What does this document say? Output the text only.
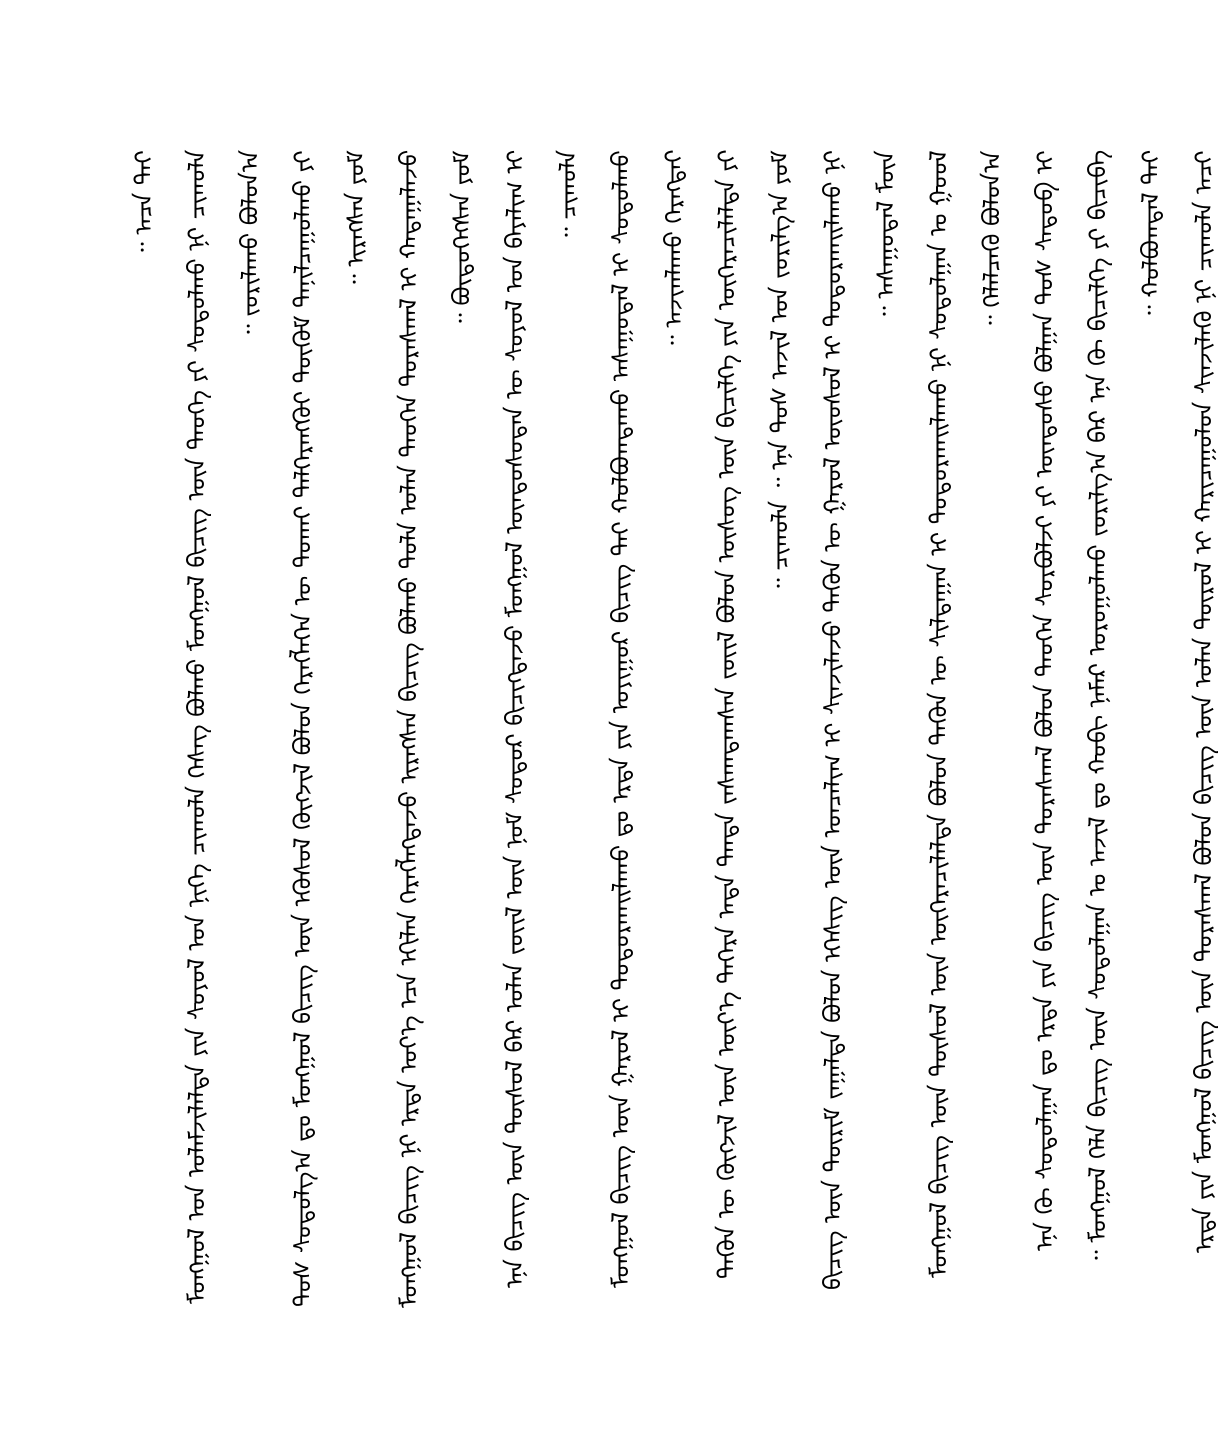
ᠮᠣᠩᠭᠣᠯ ᠤᠨ ᠤᠯᠠᠮᠵᠢᠯᠠᠯᠲᠠ ᠶᠢᠨ ᠰᠣᠶᠤᠯ ᠤᠨ ᠨᠢᠭᠡ ᠴᠢᠬᠤᠯᠠ ᠬᠡᠰᠡᠭ ᠪᠣᠯᠬᠤ ᠮᠣᠩᠭᠣᠯ ᠪᠢᠴᠢᠭ᠌ ᠦᠨ ᠲᠡᠦᠬᠡ ᠶᠢ ᠰᠤᠳᠤᠯᠬᠤ ᠨᠢ ᠴᠢᠬᠤᠯᠠ ᠠᠴᠠ ᠲᠠᠢ ᠃	ᠲᠤᠰ ᠰᠤᠳᠤᠯᠭ᠎ᠠ ᠳᠤ ᠮᠣᠩᠭᠣᠯ ᠪᠢᠴᠢᠭ᠌ ᠦᠨ ᠡᠭᠦᠰᠦᠯ ᠬᠥᠭᠵᠢᠯ ᠪᠣᠯᠤᠨ ᠬᠡᠷᠡᠭᠯᠡᠭᠡᠨ ᠦ ᠲᠤᠬᠠᠢ ᠳᠡᠯᠭᠡᠷᠡᠩᠭᠦᠢ ᠳᠦᠭᠦᠮ ᠲᠠᠨᠢᠯᠴᠠᠭᠤᠯᠬᠤ ᠶᠢ ᠵᠣᠷᠢᠯᠠᠬᠤ ᠪᠣᠯᠤᠨ᠎ᠠ ᠃	ᠮᠣᠩᠭᠣᠯ ᠪᠢᠴᠢᠭ᠌ ᠨᠢ ᠡᠷᠲᠡ ᠡᠦᠶ᠎ᠡ ᠡᠴᠡ ᠡᠬᠢᠯᠡᠨ ᠬᠡᠷᠡᠭᠯᠡᠭᠳᠡᠵᠦ ᠢᠷᠡᠭᠰᠡᠨ ᠪᠢᠴᠢᠭ᠌ ᠪᠣᠯᠬᠤ ᠲᠤᠯᠠ ᠣᠯᠠᠨ ᠲᠡᠦᠬᠡᠨ ᠳᠤᠷᠠᠰᠬᠠᠯ ᠢ ᠬᠠᠳᠠᠭᠠᠯᠠᠵᠤ ᠢᠷᠡᠭᠰᠡᠨ ᠶᠤᠮ ᠃	ᠡᠨᠡ ᠪᠢᠴᠢᠭ᠌ ᠦᠨ ᠲᠦᠰᠦᠯ ᠪᠡᠷ ᠣᠯᠠᠨ ᠵᠦᠢᠯ ᠦᠨ ᠨᠣᠮ ᠰᠤᠳᠤᠷ ᠪᠢᠴᠢᠭᠳᠡᠵᠦ ᠮᠣᠩᠭᠣᠯ ᠦᠨᠳᠦᠰᠦᠲᠡᠨ ᠦ ᠰᠣᠶᠤᠯ ᠤᠨ ᠪᠠᠶᠠᠯᠢᠭ ᠢ ᠪᠦᠲᠦᠭᠡᠭᠰᠡᠨ ᠶᠤᠮ ᠃	ᠮᠣᠩᠭᠣᠯ ᠪᠢᠴᠢᠭ᠌ ᠦᠨ ᠭᠠᠷᠤᠯ ᠢ ᠲᠣᠳᠤᠷᠬᠠᠢᠯᠠᠬᠤ ᠳᠤ ᠡᠷᠲᠡ ᠶᠢᠨ ᠤᠶᠢᠭᠤᠷ ᠪᠢᠴᠢᠭ᠌ ᠲᠡᠢ ᠬᠣᠯᠪᠣᠭᠳᠠᠬᠤ ᠠᠰᠠᠭᠤᠳᠠᠯ ᠢ ᠰᠤᠳᠤᠯᠬᠤ ᠴᠢᠬᠤᠯᠠ ᠃	ᠲᠡᠭᠦᠨ ᠦ ᠬᠥᠭᠵᠢᠯ ᠦᠨ ᠦᠶ᠎ᠡ ᠳᠡᠭᠡᠷᠡ ᠡᠨᠳᠡ ᠲᠡᠨᠳᠡ ᠵᠠᠰᠠᠭᠳᠠᠭᠰᠠᠨ ᠵᠦᠢᠯ ᠪᠣᠯᠤᠨ ᠦᠰᠦᠭ ᠦᠨ ᠪᠢᠴᠢᠯᠭᠡ ᠶᠢᠨ ᠥᠭᠡᠷᠡᠴᠢᠯᠡᠯᠲᠡ ᠶᠢ ᠠᠵᠢᠭᠯᠠᠬᠤ ᠬᠡᠷᠡᠭᠲᠡᠢ ᠃	ᠪᠢᠴᠢᠭ᠌ ᠦᠨ ᠳᠦᠷᠢᠮ ᠵᠠᠭᠠᠯᠳᠠ ᠪᠣᠯᠤᠨ ᠡᠭᠡᠰᠢᠭ ᠦᠨ ᠣᠨᠴᠠᠯᠢᠭ ᠢ ᠰᠢᠨᠵᠢᠯᠡᠵᠦ ᠲᠡᠭᠦᠨ ᠦ ᠭᠠᠷᠤᠯ ᠦᠦᠰᠦᠯ ᠢ ᠲᠣᠳᠤᠷᠬᠠᠢᠯᠠᠬᠤ ᠨᠢ ᠴᠢᠬᠤᠯᠠ ᠃ ᠡᠨᠡ ᠲᠤᠰ ᠠᠵᠢᠯ ᠤᠨ ᠵᠣᠷᠢᠯᠭ᠎ᠠ ᠶᠤᠮ ᠃	ᠮᠣᠩᠭᠣᠯ ᠪᠢᠴᠢᠭ᠌ ᠦᠨ ᠲᠦᠰᠦᠯ ᠦᠨ ᠥᠭᠡᠷᠡᠴᠢᠯᠡᠯᠲᠡ ᠪᠣᠯᠤᠨ ᠲᠡᠭᠦᠨ ᠦ ᠰᠢᠯᠲᠠᠭᠠᠨ ᠢ ᠲᠣᠳᠤᠷᠬᠠᠢᠯᠠᠬᠤ ᠨᠢ ᠰᠤᠳᠤᠯᠭᠠᠨ ᠤ ᠭᠣᠣᠯ ᠠᠰᠠᠭᠤᠳᠠᠯ ᠮᠥᠨ ᠃	ᠡᠨᠡ ᠬᠦ ᠰᠤᠳᠤᠯᠭᠠᠨ ᠳᠤ ᠡᠷᠲᠡ ᠶᠢᠨ ᠪᠢᠴᠢᠭ᠌ ᠦᠨ ᠳᠤᠷᠠᠰᠬᠠᠯ ᠪᠣᠯᠤᠨ ᠲᠡᠦᠬᠡᠨ ᠰᠤᠷᠪᠤᠯᠵᠢ ᠶᠢ ᠦᠨᠳᠦᠰᠦ ᠪᠣᠯᠭᠠᠨ ᠲᠤᠰ ᠰᠡᠳᠦᠪ ᠢ ᠬᠡᠯᠡᠯᠴᠡᠬᠦ ᠪᠣᠯᠤᠨ᠎ᠠ ᠃
ᠮᠣᠩᠭᠣᠯ ᠬᠡᠯᠡ ᠪᠢᠴᠢᠭ᠌ ᠦᠨ ᠰᠤᠳᠤᠯᠭᠠᠨ ᠤ ᠠᠵᠢᠯ ᠳᠤ ᠬᠣᠪᠢ ᠨᠡᠮᠡᠷ ᠣᠷᠣᠭᠤᠯᠬᠤ ᠵᠣᠷᠢᠯᠭ᠎ᠠ ᠪᠠᠷ ᠡᠨᠡ ᠬᠦ ᠪᠢᠴᠢᠯᠭᠡ ᠶᠢ ᠪᠢᠴᠢᠪᠡ ᠃	ᠡᠷᠲᠡ ᠶᠢᠨ ᠮᠣᠩᠭᠣᠯ ᠪᠢᠴᠢᠭ᠌ ᠦᠨ ᠳᠤᠷᠠᠰᠬᠠᠯ ᠪᠣᠯᠤᠨ ᠪᠢᠴᠢᠭ᠌ ᠦᠨ ᠣᠯᠠᠨ ᠲᠦᠷᠦᠯ ᠢ ᠬᠠᠷᠢᠴᠠᠭᠤᠯᠤᠨ ᠰᠢᠨᠵᠢᠯᠡᠬᠦ ᠨᠢ ᠴᠢᠬᠤᠯᠠ ᠠᠴᠢ ᠬᠣᠯᠪᠣᠭᠳᠠᠯ ᠲᠠᠢ ᠃
